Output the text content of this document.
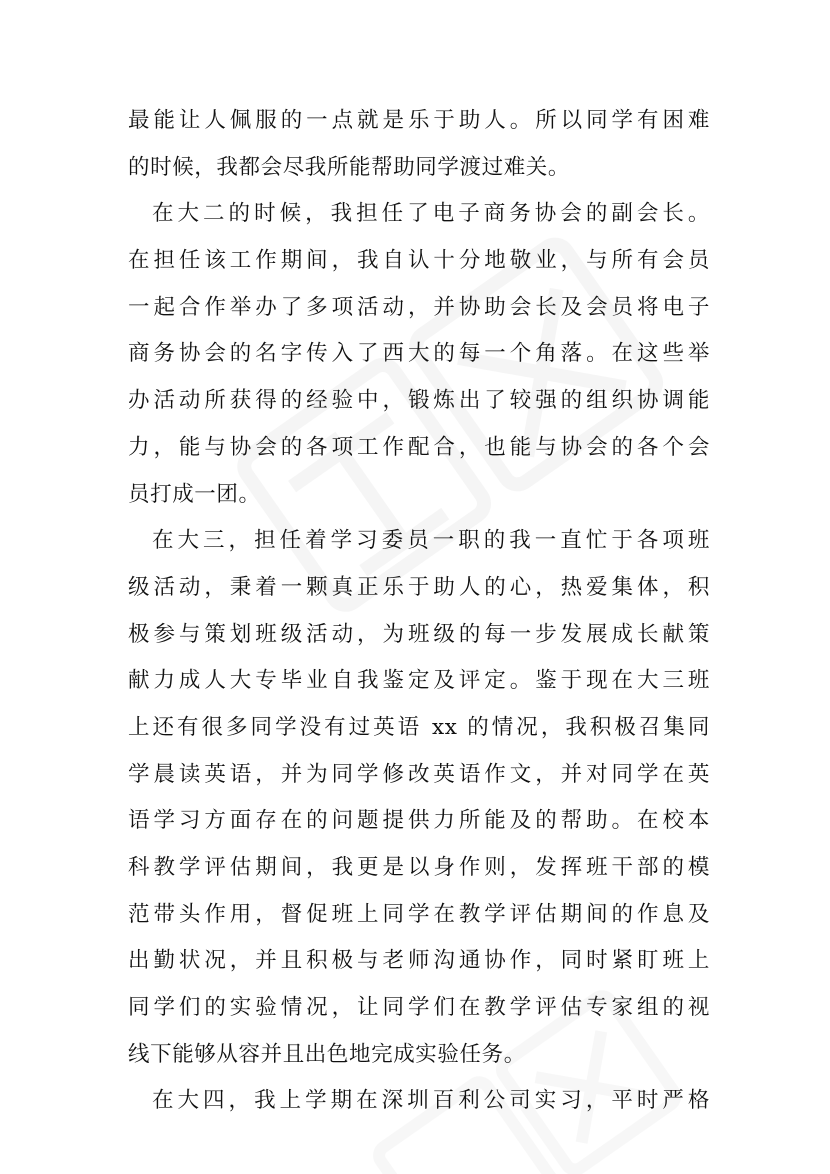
最能让人佩服的一点就是乐于助人。所以同学有困难
的时候，我都会尽我所能帮助同学渡过难关。
在大二的时候，我担任了电子商务协会的副会长。
在担任该工作期间，我自认十分地敬业，与所有会员
一起合作举办了多项活动，并协助会长及会员将电子
商务协会的名字传入了西大的每一个角落。在这些举
办活动所获得的经验中，锻炼出了较强的组织协调能
力，能与协会的各项工作配合，也能与协会的各个会
员打成一团。
在大三，担任着学习委员一职的我一直忙于各项班
级活动，秉着一颗真正乐于助人的心，热爱集体，积
极参与策划班级活动，为班级的每一步发展成长献策
献力成人大专毕业自我鉴定及评定。鉴于现在大三班
上还有很多同学没有过英语 xx 的情况，我积极召集同
学晨读英语，并为同学修改英语作文，并对同学在英
语学习方面存在的问题提供力所能及的帮助。在校本
科教学评估期间，我更是以身作则，发挥班干部的模
范带头作用，督促班上同学在教学评估期间的作息及
出勤状况，并且积极与老师沟通协作，同时紧盯班上
同学们的实验情况，让同学们在教学评估专家组的视
线下能够从容并且出色地完成实验任务。
在大四，我上学期在深圳百利公司实习，平时严格
